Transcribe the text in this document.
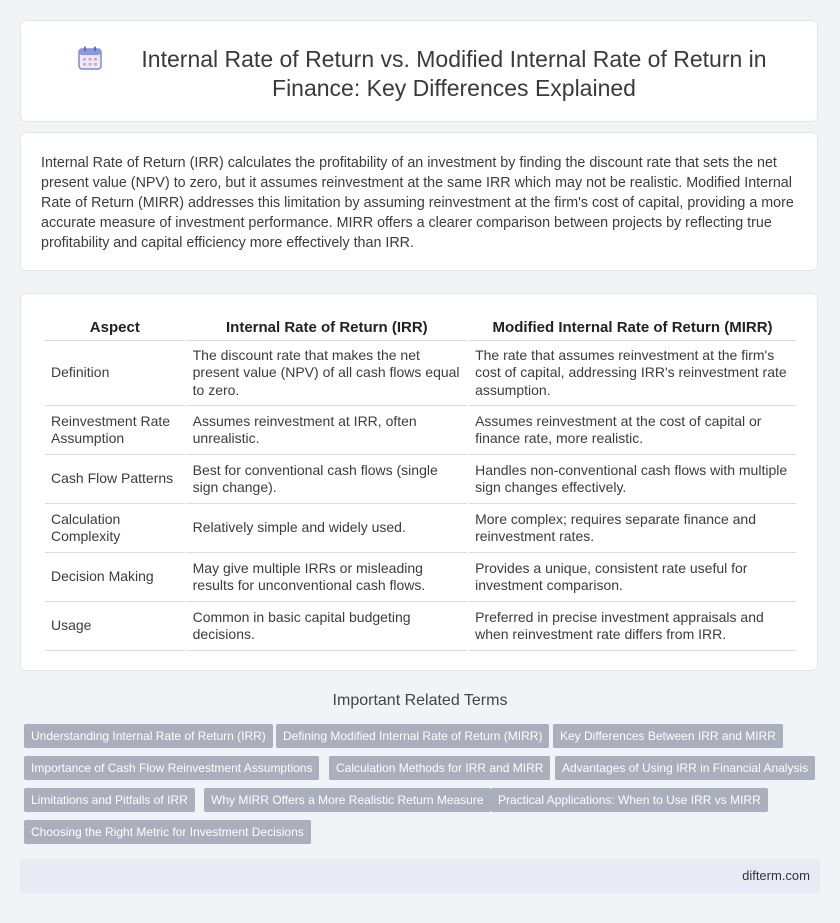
Internal Rate of Return vs. Modified Internal Rate of Return in Finance: Key Differences Explained
Internal Rate of Return (IRR) calculates the profitability of an investment by finding the discount rate that sets the net present value (NPV) to zero, but it assumes reinvestment at the same IRR which may not be realistic. Modified Internal Rate of Return (MIRR) addresses this limitation by assuming reinvestment at the firm's cost of capital, providing a more accurate measure of investment performance. MIRR offers a clearer comparison between projects by reflecting true profitability and capital efficiency more effectively than IRR.
Aspect	Internal Rate of Return (IRR)	Modified Internal Rate of Return (MIRR)
Definition	The discount rate that makes the net present value (NPV) of all cash flows equal to zero.	The rate that assumes reinvestment at the firm's cost of capital, addressing IRR's reinvestment rate assumption.
Reinvestment Rate Assumption	Assumes reinvestment at IRR, often unrealistic.	Assumes reinvestment at the cost of capital or finance rate, more realistic.
Cash Flow Patterns	Best for conventional cash flows (single sign change).	Handles non-conventional cash flows with multiple sign changes effectively.
Calculation Complexity	Relatively simple and widely used.	More complex; requires separate finance and reinvestment rates.
Decision Making	May give multiple IRRs or misleading results for unconventional cash flows.	Provides a unique, consistent rate useful for investment comparison.
Usage	Common in basic capital budgeting decisions.	Preferred in precise investment appraisals and when reinvestment rate differs from IRR.
Important Related Terms
Understanding Internal Rate of Return (IRR)	Defining Modified Internal Rate of Return (MIRR)	Key Differences Between IRR and MIRR
Importance of Cash Flow Reinvestment Assumptions	Calculation Methods for IRR and MIRR	Advantages of Using IRR in Financial Analysis
Limitations and Pitfalls of IRR	Why MIRR Offers a More Realistic Return Measure	Practical Applications: When to Use IRR vs MIRR
Choosing the Right Metric for Investment Decisions
difterm.com
